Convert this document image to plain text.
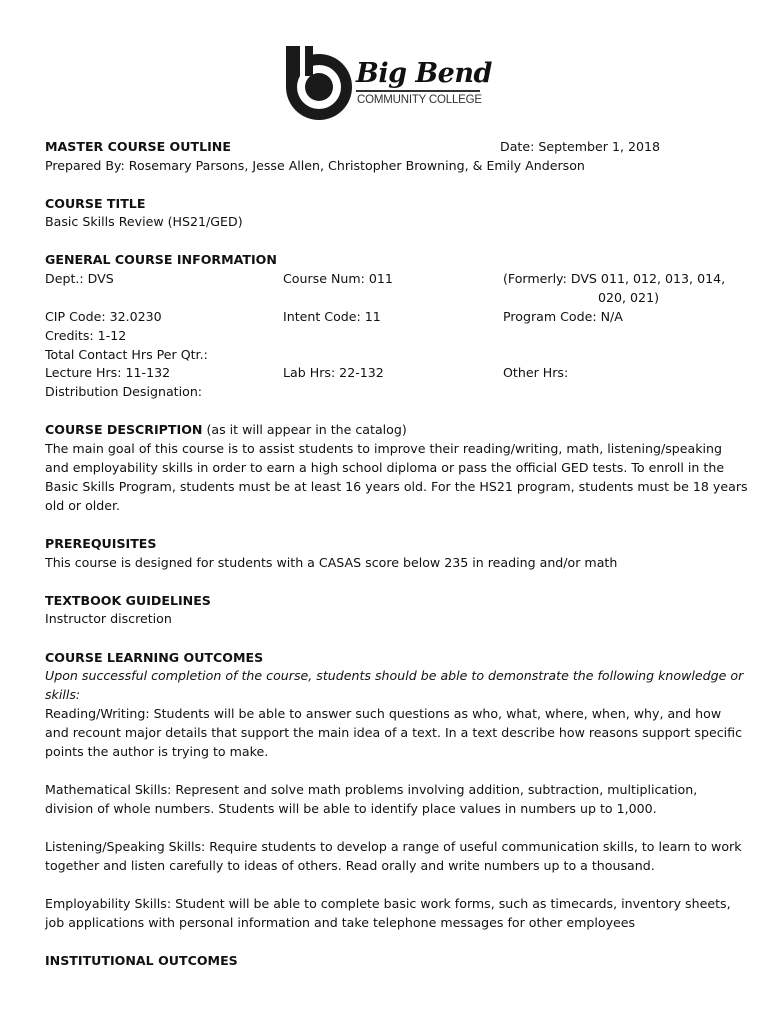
Big Bend
COMMUNITY COLLEGE
MASTER COURSE OUTLINE	Date: September 1, 2018
Prepared By: Rosemary Parsons, Jesse Allen, Christopher Browning, & Emily Anderson
COURSE TITLE
Basic Skills Review (HS21/GED)
GENERAL COURSE INFORMATION
Dept.: DVS	Course Num: 011	(Formerly: DVS 011, 012, 013, 014,
020, 021)
CIP Code: 32.0230	Intent Code: 11	Program Code: N/A
Credits: 1-12
Total Contact Hrs Per Qtr.:
Lecture Hrs: 11-132	Lab Hrs: 22-132	Other Hrs:
Distribution Designation:
COURSE DESCRIPTION (as it will appear in the catalog)
The main goal of this course is to assist students to improve their reading/writing, math, listening/speaking
and employability skills in order to earn a high school diploma or pass the official GED tests. To enroll in the
Basic Skills Program, students must be at least 16 years old. For the HS21 program, students must be 18 years
old or older.
PREREQUISITES
This course is designed for students with a CASAS score below 235 in reading and/or math
TEXTBOOK GUIDELINES
Instructor discretion
COURSE LEARNING OUTCOMES
Upon successful completion of the course, students should be able to demonstrate the following knowledge or
skills:
Reading/Writing: Students will be able to answer such questions as who, what, where, when, why, and how
and recount major details that support the main idea of a text. In a text describe how reasons support specific
points the author is trying to make.
Mathematical Skills: Represent and solve math problems involving addition, subtraction, multiplication,
division of whole numbers. Students will be able to identify place values in numbers up to 1,000.
Listening/Speaking Skills: Require students to develop a range of useful communication skills, to learn to work
together and listen carefully to ideas of others. Read orally and write numbers up to a thousand.
Employability Skills: Student will be able to complete basic work forms, such as timecards, inventory sheets,
job applications with personal information and take telephone messages for other employees
INSTITUTIONAL OUTCOMES
